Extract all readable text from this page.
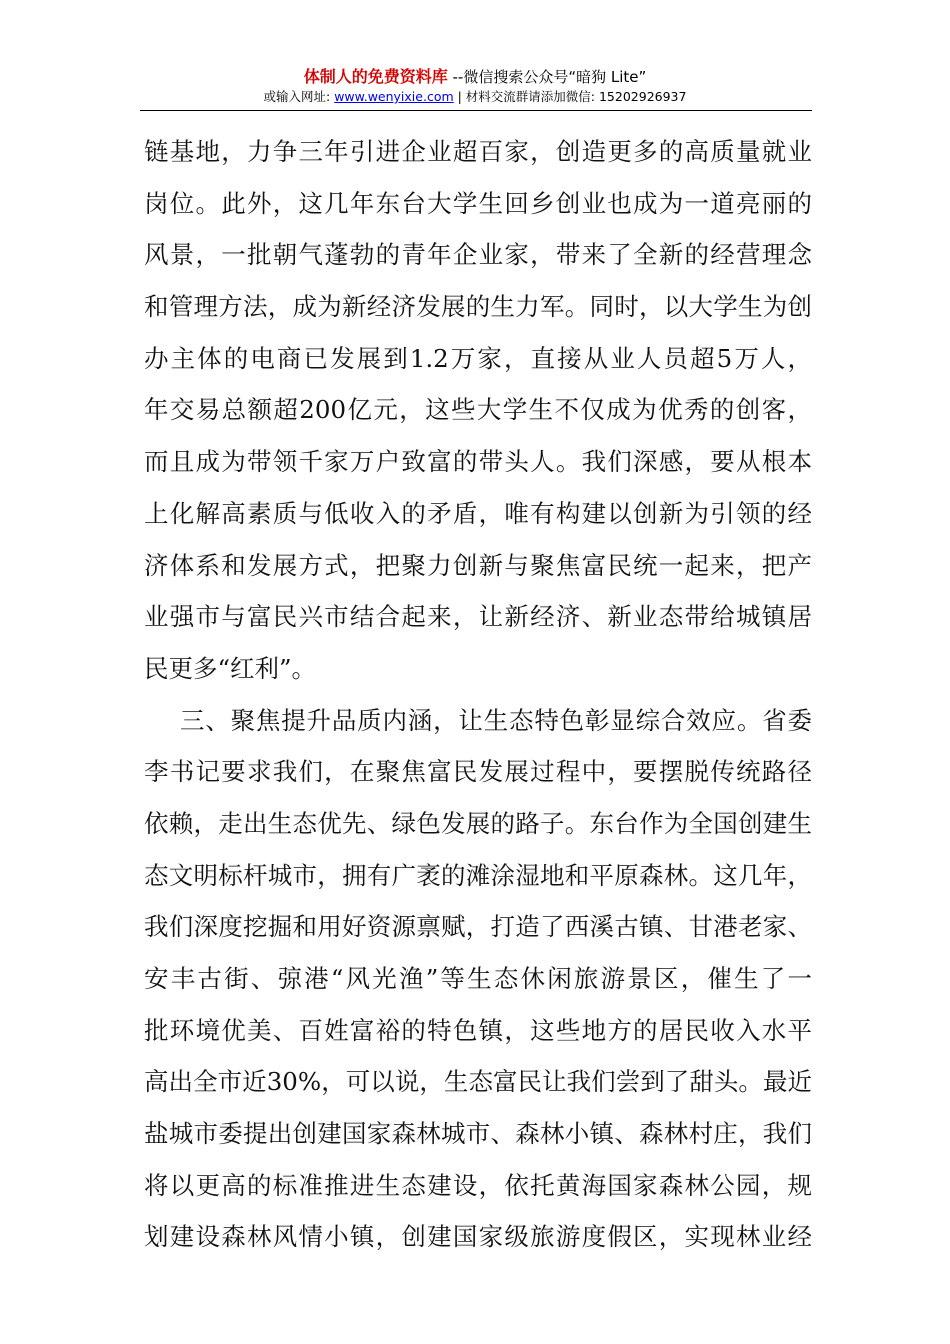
体制人的免费资料库 --微信搜索公众号“暗狗 Lite”
或输入网址: www.wenyixie.com | 材料交流群请添加微信: 15202926937
链基地，力争三年引进企业超百家，创造更多的高质量就业
岗位。此外，这几年东台大学生回乡创业也成为一道亮丽的
风景，一批朝气蓬勃的青年企业家，带来了全新的经营理念
和管理方法，成为新经济发展的生力军。同时，以大学生为创
办主体的电商已发展到1.2万家，直接从业人员超5万人，
年交易总额超200亿元，这些大学生不仅成为优秀的创客，
而且成为带领千家万户致富的带头人。我们深感，要从根本
上化解高素质与低收入的矛盾，唯有构建以创新为引领的经
济体系和发展方式，把聚力创新与聚焦富民统一起来，把产
业强市与富民兴市结合起来，让新经济、新业态带给城镇居
民更多“红利”。
三、聚焦提升品质内涵，让生态特色彰显综合效应。省委
李书记要求我们，在聚焦富民发展过程中，要摆脱传统路径
依赖，走出生态优先、绿色发展的路子。东台作为全国创建生
态文明标杆城市，拥有广袤的滩涂湿地和平原森林。这几年，
我们深度挖掘和用好资源禀赋，打造了西溪古镇、甘港老家、
安丰古街、弶港“风光渔”等生态休闲旅游景区，催生了一
批环境优美、百姓富裕的特色镇，这些地方的居民收入水平
高出全市近30%，可以说，生态富民让我们尝到了甜头。最近
盐城市委提出创建国家森林城市、森林小镇、森林村庄，我们
将以更高的标准推进生态建设，依托黄海国家森林公园，规
划建设森林风情小镇，创建国家级旅游度假区，实现林业经
